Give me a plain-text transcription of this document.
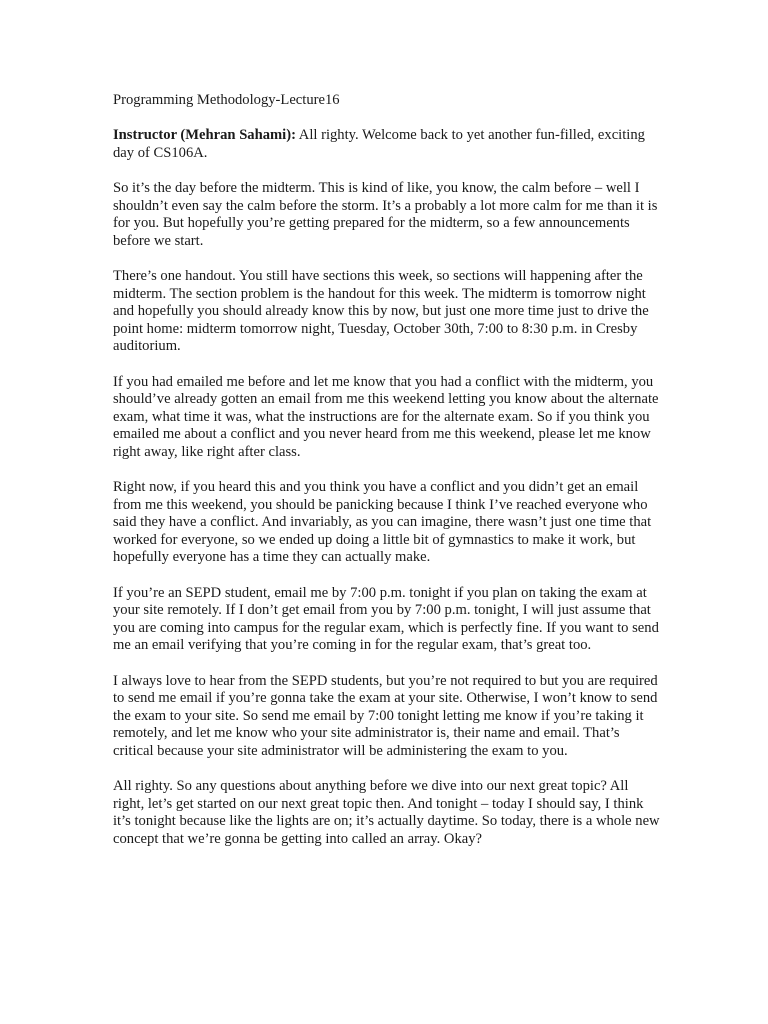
Programming Methodology-Lecture16

Instructor (Mehran Sahami): All righty. Welcome back to yet another fun-filled, exciting day of CS106A.

So it’s the day before the midterm. This is kind of like, you know, the calm before – well I shouldn’t even say the calm before the storm. It’s a probably a lot more calm for me than it is for you. But hopefully you’re getting prepared for the midterm, so a few announcements before we start.

There’s one handout. You still have sections this week, so sections will happening after the midterm. The section problem is the handout for this week. The midterm is tomorrow night and hopefully you should already know this by now, but just one more time just to drive the point home: midterm tomorrow night, Tuesday, October 30th, 7:00 to 8:30 p.m. in Cresby auditorium.

If you had emailed me before and let me know that you had a conflict with the midterm, you should’ve already gotten an email from me this weekend letting you know about the alternate exam, what time it was, what the instructions are for the alternate exam. So if you think you emailed me about a conflict and you never heard from me this weekend, please let me know right away, like right after class.

Right now, if you heard this and you think you have a conflict and you didn’t get an email from me this weekend, you should be panicking because I think I’ve reached everyone who said they have a conflict. And invariably, as you can imagine, there wasn’t just one time that worked for everyone, so we ended up doing a little bit of gymnastics to make it work, but hopefully everyone has a time they can actually make.

If you’re an SEPD student, email me by 7:00 p.m. tonight if you plan on taking the exam at your site remotely. If I don’t get email from you by 7:00 p.m. tonight, I will just assume that you are coming into campus for the regular exam, which is perfectly fine. If you want to send me an email verifying that you’re coming in for the regular exam, that’s great too.

I always love to hear from the SEPD students, but you’re not required to but you are required to send me email if you’re gonna take the exam at your site. Otherwise, I won’t know to send the exam to your site. So send me email by 7:00 tonight letting me know if you’re taking it remotely, and let me know who your site administrator is, their name and email. That’s critical because your site administrator will be administering the exam to you.

All righty. So any questions about anything before we dive into our next great topic? All right, let’s get started on our next great topic then. And tonight – today I should say, I think it’s tonight because like the lights are on; it’s actually daytime. So today, there is a whole new concept that we’re gonna be getting into called an array. Okay?
